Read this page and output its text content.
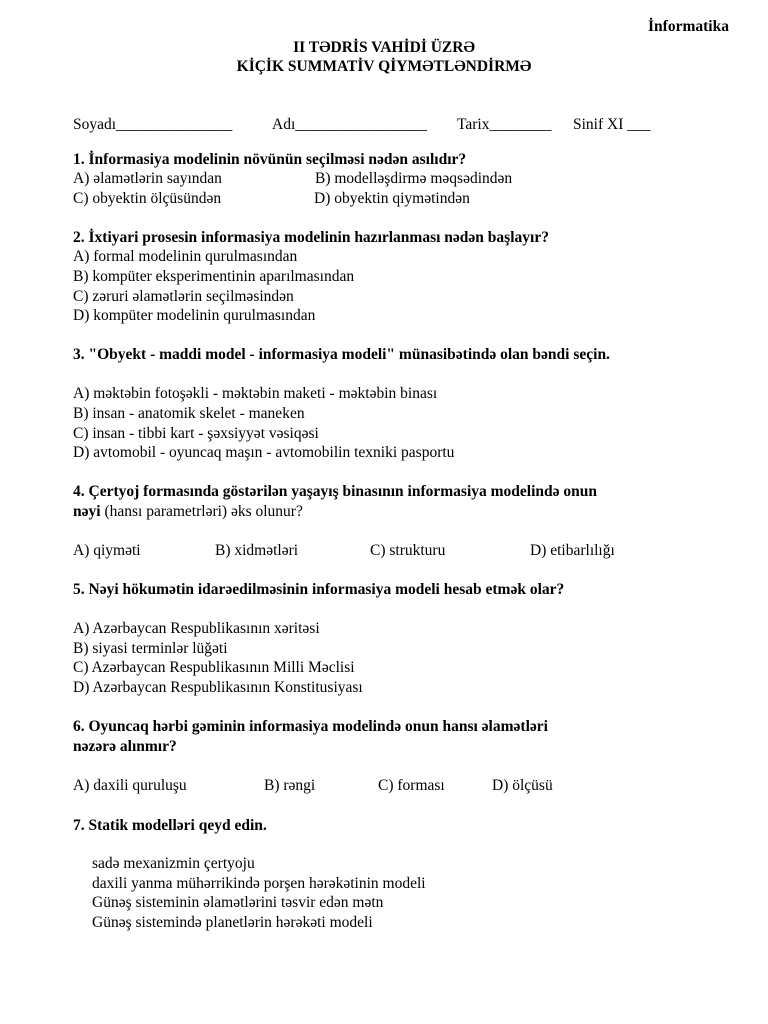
İnformatika
II TƏDRİS VAHİDİ ÜZRƏ
KİÇİK SUMMATİV QİYMƏTLƏNDİRMƏ
Soyadı_______________	Adı_________________ Tarix________ Sinif XI ___
1. İnformasiya modelinin növünün seçilməsi nədən asılıdır?
A) əlamətlərin sayından	B) modelləşdirmə məqsədindən
C) obyektin ölçüsündən	D) obyektin qiymətindən
2. İxtiyari prosesin informasiya modelinin hazırlanması nədən başlayır?
A) formal modelinin qurulmasından
B) kompüter eksperimentinin aparılmasından
C) zəruri əlamətlərin seçilməsindən
D) kompüter modelinin qurulmasından
3. "Obyekt - maddi model - informasiya modeli" münasibətində olan bəndi seçin.
A) məktəbin fotoşəkli - məktəbin maketi - məktəbin binası
B) insan - anatomik skelet - maneken
C) insan - tibbi kart - şəxsiyyət vəsiqəsi
D) avtomobil - oyuncaq maşın - avtomobilin texniki pasportu
4. Çertyoj formasında göstərilən yaşayış binasının informasiya modelində onun
nəyi (hansı parametrləri) əks olunur?
A) qiyməti	B) xidmətləri	C) strukturu	D) etibarlılığı
5. Nəyi hökumətin idarəedilməsinin informasiya modeli hesab etmək olar?
A) Azərbaycan Respublikasının xəritəsi
B) siyasi terminlər lüğəti
C) Azərbaycan Respublikasının Milli Məclisi
D) Azərbaycan Respublikasının Konstitusiyası
6. Oyuncaq hərbi gəminin informasiya modelində onun hansı əlamətləri
nəzərə alınmır?
A) daxili quruluşu	B) rəngi	C) forması	D) ölçüsü
7. Statik modelləri qeyd edin.
sadə mexanizmin çertyoju
daxili yanma mühərrikində porşen hərəkətinin modeli
Günəş sisteminin əlamətlərini təsvir edən mətn
Günəş sistemində planetlərin hərəkəti modeli
